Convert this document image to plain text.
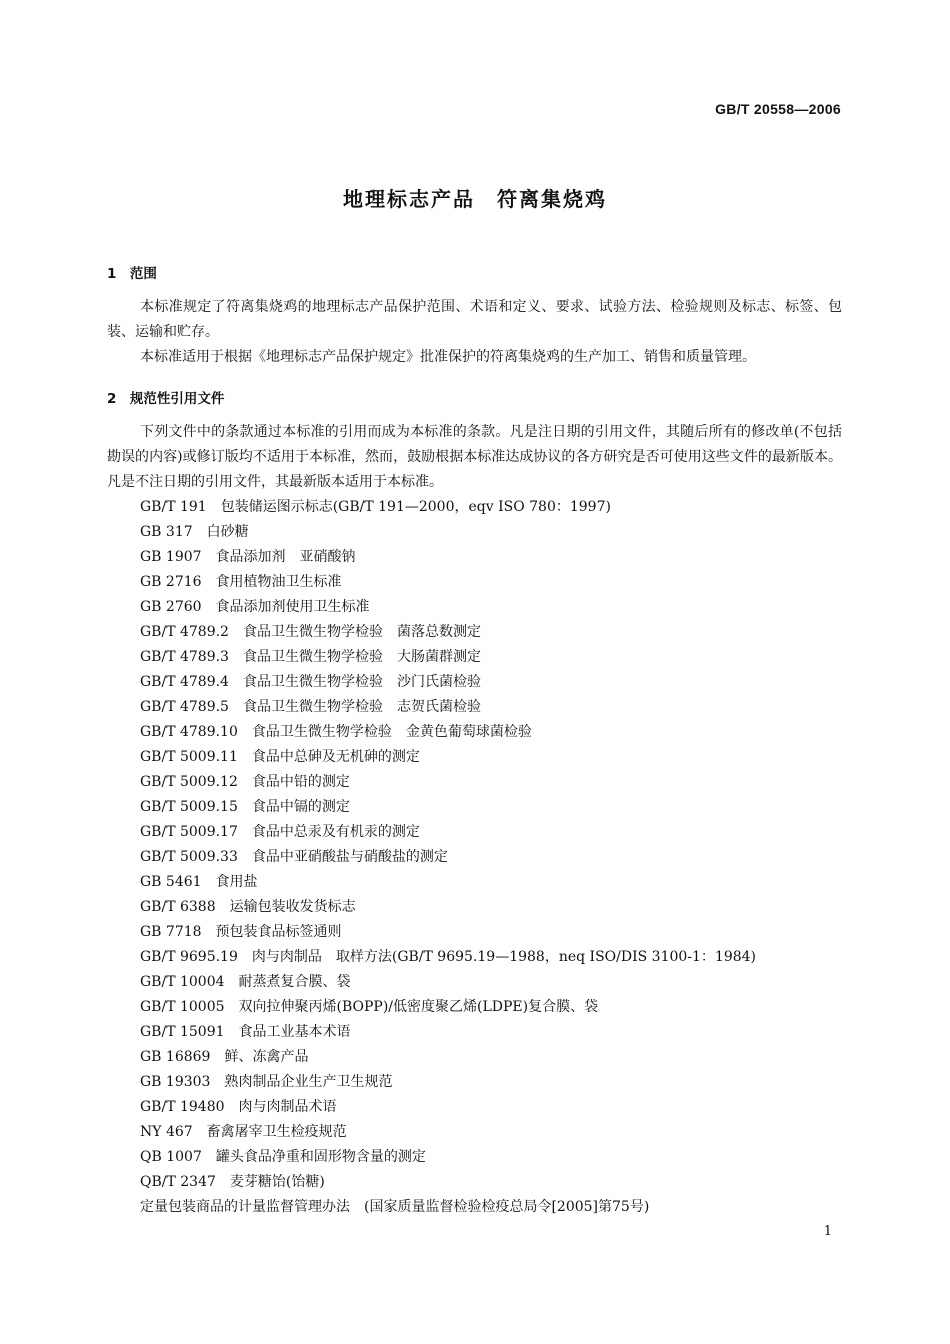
GB/T 20558—2006
地理标志产品　符离集烧鸡
1　范围
本标准规定了符离集烧鸡的地理标志产品保护范围、术语和定义、要求、试验方法、检验规则及标志、标签、包装、运输和贮存。
本标准适用于根据《地理标志产品保护规定》批准保护的符离集烧鸡的生产加工、销售和质量管理。
2　规范性引用文件
下列文件中的条款通过本标准的引用而成为本标准的条款。凡是注日期的引用文件，其随后所有的修改单(不包括勘误的内容)或修订版均不适用于本标准，然而，鼓励根据本标准达成协议的各方研究是否可使用这些文件的最新版本。凡是不注日期的引用文件，其最新版本适用于本标准。
GB/T 191　包装储运图示标志(GB/T 191—2000，eqv ISO 780：1997)
GB 317　白砂糖
GB 1907　食品添加剂　亚硝酸钠
GB 2716　食用植物油卫生标准
GB 2760　食品添加剂使用卫生标准
GB/T 4789.2　食品卫生微生物学检验　菌落总数测定
GB/T 4789.3　食品卫生微生物学检验　大肠菌群测定
GB/T 4789.4　食品卫生微生物学检验　沙门氏菌检验
GB/T 4789.5　食品卫生微生物学检验　志贺氏菌检验
GB/T 4789.10　食品卫生微生物学检验　金黄色葡萄球菌检验
GB/T 5009.11　食品中总砷及无机砷的测定
GB/T 5009.12　食品中铅的测定
GB/T 5009.15　食品中镉的测定
GB/T 5009.17　食品中总汞及有机汞的测定
GB/T 5009.33　食品中亚硝酸盐与硝酸盐的测定
GB 5461　食用盐
GB/T 6388　运输包装收发货标志
GB 7718　预包装食品标签通则
GB/T 9695.19　肉与肉制品　取样方法(GB/T 9695.19—1988，neq ISO/DIS 3100-1：1984)
GB/T 10004　耐蒸煮复合膜、袋
GB/T 10005　双向拉伸聚丙烯(BOPP)/低密度聚乙烯(LDPE)复合膜、袋
GB/T 15091　食品工业基本术语
GB 16869　鲜、冻禽产品
GB 19303　熟肉制品企业生产卫生规范
GB/T 19480　肉与肉制品术语
NY 467　畜禽屠宰卫生检疫规范
QB 1007　罐头食品净重和固形物含量的测定
QB/T 2347　麦芽糖饴(饴糖)
定量包装商品的计量监督管理办法　(国家质量监督检验检疫总局令[2005]第75号)
1
